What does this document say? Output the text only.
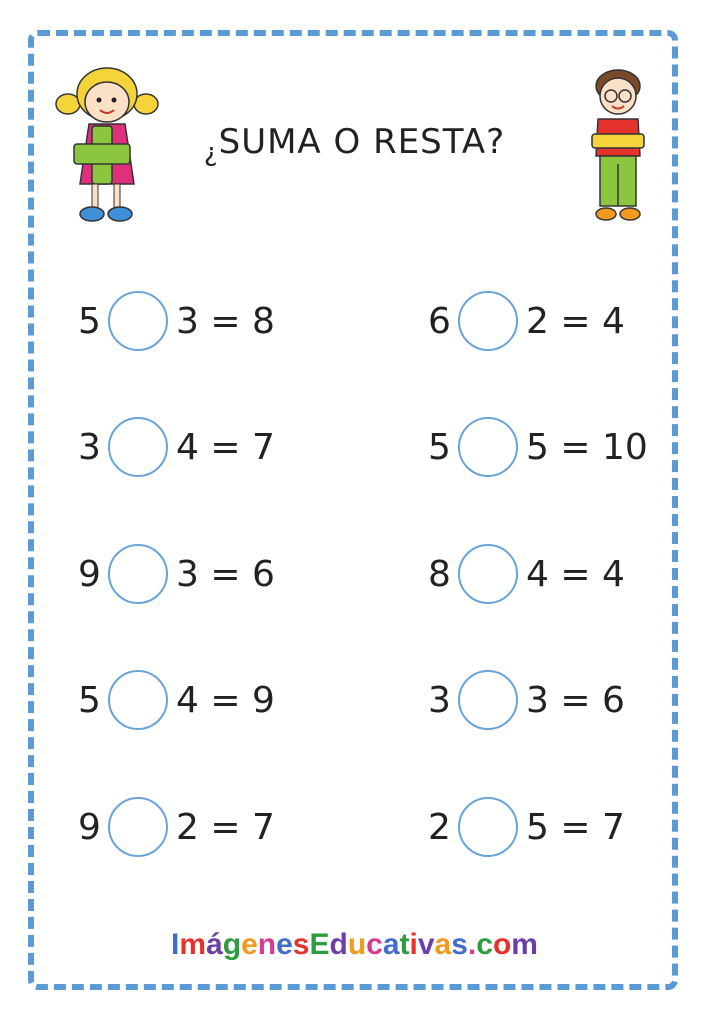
$_¿$SUMA O RESTA?
5 3 = 8	6 2 = 4
3 4 = 7	5 5 = 10
9 3 = 6	8 4 = 4
5 4 = 9	3 3 = 6
9 2 = 7	2 5 = 7
ImágenesEducativas.com
